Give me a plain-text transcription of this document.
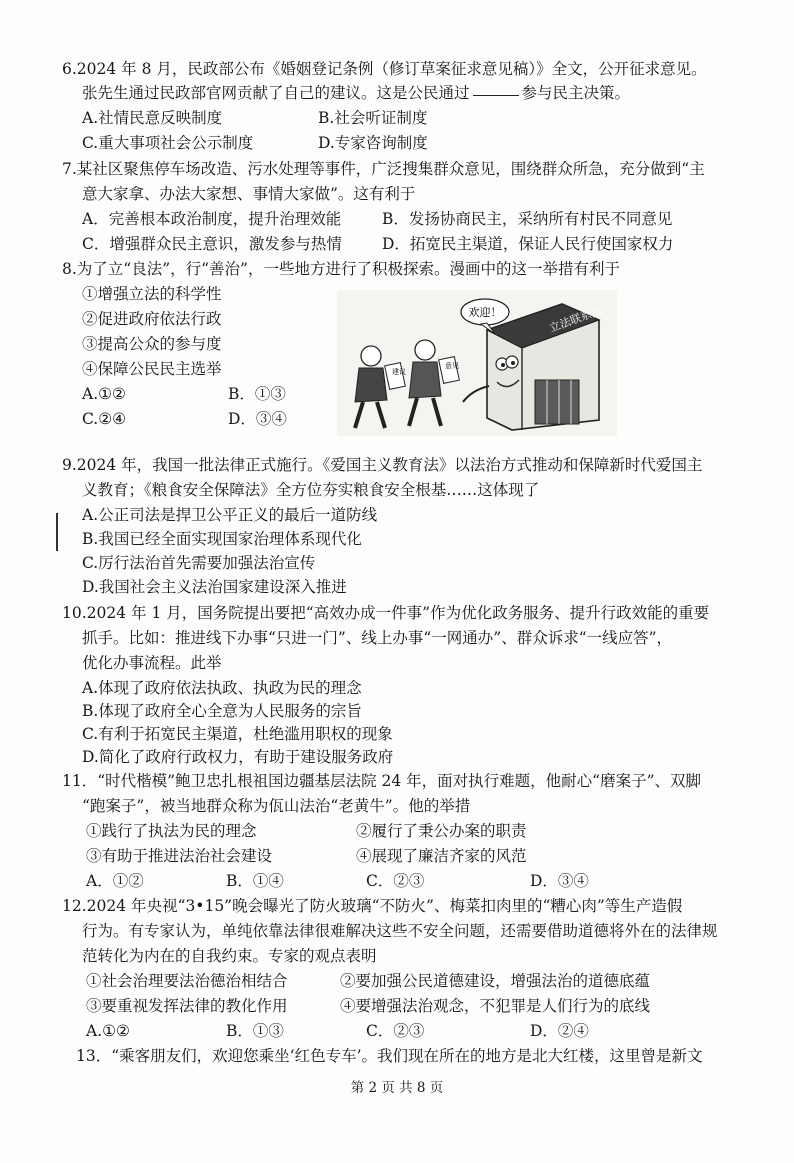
6.2024 年 8 月，民政部公布《婚姻登记条例（修订草案征求意见稿）》全文，公开征求意见。
张先生通过民政部官网贡献了自己的建议。这是公民通过	参与民主决策。
A.社情民意反映制度	B.社会听证制度
C.重大事项社会公示制度	D.专家咨询制度
7.某社区聚焦停车场改造、污水处理等事件，广泛搜集群众意见，围绕群众所急，充分做到“主
意大家拿、办法大家想、事情大家做”。这有利于
A．完善根本政治制度，提升治理效能	B．发扬协商民主，采纳所有村民不同意见
C．增强群众民主意识，激发参与热情	D．拓宽民主渠道，保证人民行使国家权力
8.为了立“良法”，行“善治”，一些地方进行了积极探索。漫画中的这一举措有利于
①增强立法的科学性
②促进政府依法行政
③提高公众的参与度
④保障公民民主选举
A.①②	B．①③
C.②④	D．③④
立法联系点
欢迎！
建议
意见
9.2024 年，我国一批法律正式施行。《爱国主义教育法》以法治方式推动和保障新时代爱国主
义教育；《粮食安全保障法》全方位夯实粮食安全根基……这体现了
A.公正司法是捍卫公平正义的最后一道防线
B.我国已经全面实现国家治理体系现代化
C.厉行法治首先需要加强法治宣传
D.我国社会主义法治国家建设深入推进
10.2024 年 1 月，国务院提出要把“高效办成一件事”作为优化政务服务、提升行政效能的重要
抓手。比如：推进线下办事“只进一门”、线上办事“一网通办”、群众诉求“一线应答”，
优化办事流程。此举
A.体现了政府依法执政、执政为民的理念
B.体现了政府全心全意为人民服务的宗旨
C.有利于拓宽民主渠道，杜绝滥用职权的现象
D.简化了政府行政权力，有助于建设服务政府
11．“时代楷模”鲍卫忠扎根祖国边疆基层法院 24 年，面对执行难题，他耐心“磨案子”、双脚
“跑案子”，被当地群众称为佤山法治“老黄牛”。他的举措
①践行了执法为民的理念	②履行了秉公办案的职责
③有助于推进法治社会建设	④展现了廉洁齐家的风范
A．①②	B．①④	C．②③	D．③④
12.2024 年央视“3•15”晚会曝光了防火玻璃“不防火”、梅菜扣肉里的“糟心肉”等生产造假
行为。有专家认为，单纯依靠法律很难解决这些不安全问题，还需要借助道德将外在的法律规
范转化为内在的自我约束。专家的观点表明
①社会治理要法治德治相结合	②要加强公民道德建设，增强法治的道德底蕴
③要重视发挥法律的教化作用	④要增强法治观念，不犯罪是人们行为的底线
A.①②	B．①③	C．②③	D．②④
13．“乘客朋友们，欢迎您乘坐‘红色专车’。我们现在所在的地方是北大红楼，这里曾是新文
第 2 页 共 8 页
